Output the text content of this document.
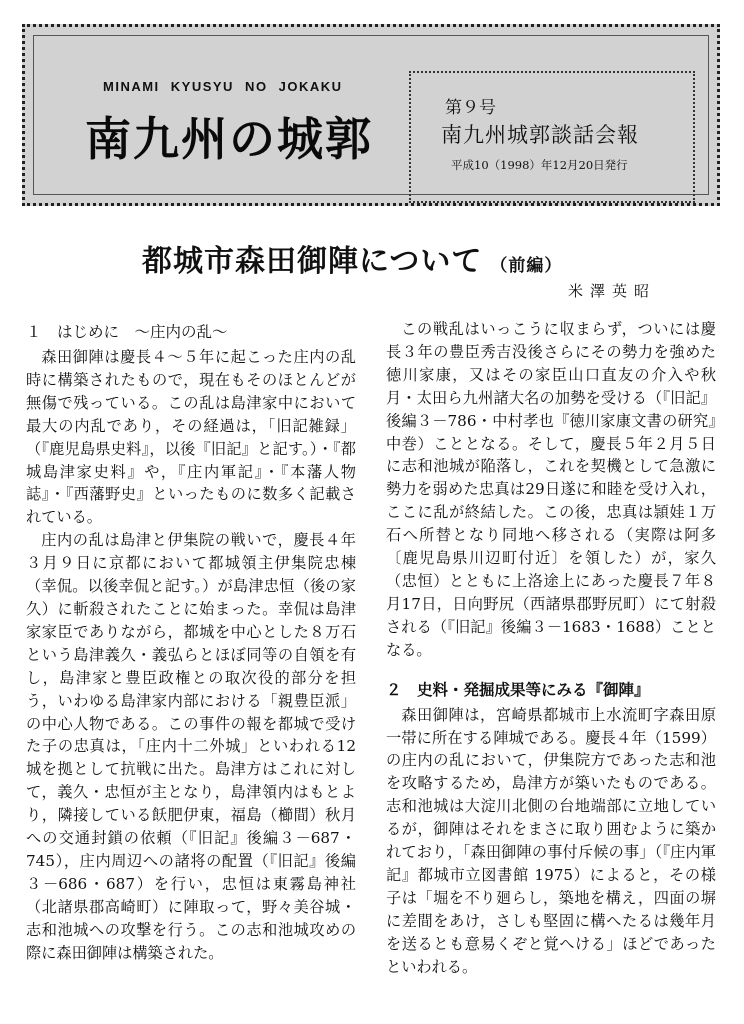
MINAMI KYUSYU NO JOKAKU
南九州の城郭
第９号
南九州城郭談話会報
平成10（1998）年12月20日発行
都城市森田御陣について （前編）
米澤英昭
１　はじめに　～庄内の乱～

森田御陣は慶長４～５年に起こった庄内の乱時に構築されたもので，現在もそのほとんどが無傷で残っている。この乱は島津家中において最大の内乱であり，その経過は，「旧記雑録」（『鹿児島県史料』，以後『旧記』と記す。）・『都城島津家史料』や，『庄内軍記』・『本藩人物誌』・『西藩野史』といったものに数多く記載されている。

庄内の乱は島津と伊集院の戦いで，慶長４年３月９日に京都において都城領主伊集院忠棟（幸侃。以後幸侃と記す。）が島津忠恒（後の家久）に斬殺されたことに始まった。幸侃は島津家家臣でありながら，都城を中心とした８万石という島津義久・義弘らとほぼ同等の自領を有し，島津家と豊臣政権との取次役的部分を担う，いわゆる島津家内部における「親豊臣派」の中心人物である。この事件の報を都城で受けた子の忠真は，「庄内十二外城」といわれる12城を拠として抗戦に出た。島津方はこれに対して，義久・忠恒が主となり，島津領内はもとより，隣接している飫肥伊東，福島（櫛間）秋月への交通封鎖の依頼（『旧記』後編３－687・745），庄内周辺への諸将の配置（『旧記』後編３－686・687）を行い，忠恒は東霧島神社（北諸県郡高崎町）に陣取って，野々美谷城・志和池城への攻撃を行う。この志和池城攻めの際に森田御陣は構築された。

この戦乱はいっこうに収まらず，ついには慶長３年の豊臣秀吉没後さらにその勢力を強めた徳川家康，又はその家臣山口直友の介入や秋月・太田ら九州諸大名の加勢を受ける（『旧記』後編３－786・中村孝也『徳川家康文書の研究』中巻）こととなる。そして，慶長５年２月５日に志和池城が陥落し，これを契機として急激に勢力を弱めた忠真は29日遂に和睦を受け入れ，ここに乱が終結した。この後，忠真は頴娃１万石へ所替となり同地へ移される（実際は阿多〔鹿児島県川辺町付近〕を領した）が，家久（忠恒）とともに上洛途上にあった慶長７年８月17日，日向野尻（西諸県郡野尻町）にて射殺される（『旧記』後編３－1683・1688）こととなる。

２　史料・発掘成果等にみる『御陣』

森田御陣は，宮崎県都城市上水流町字森田原一帯に所在する陣城である。慶長４年（1599）の庄内の乱において，伊集院方であった志和池を攻略するため，島津方が築いたものである。志和池城は大淀川北側の台地端部に立地しているが，御陣はそれをまさに取り囲むように築かれており，「森田御陣の事付斥候の事」（『庄内軍記』都城市立図書館 1975）によると，その様子は「堀を不り廻らし，築地を構え，四面の塀に差間をあけ，さしも堅固に構へたるは幾年月を送るとも意易くぞと覚へける」ほどであったといわれる。
